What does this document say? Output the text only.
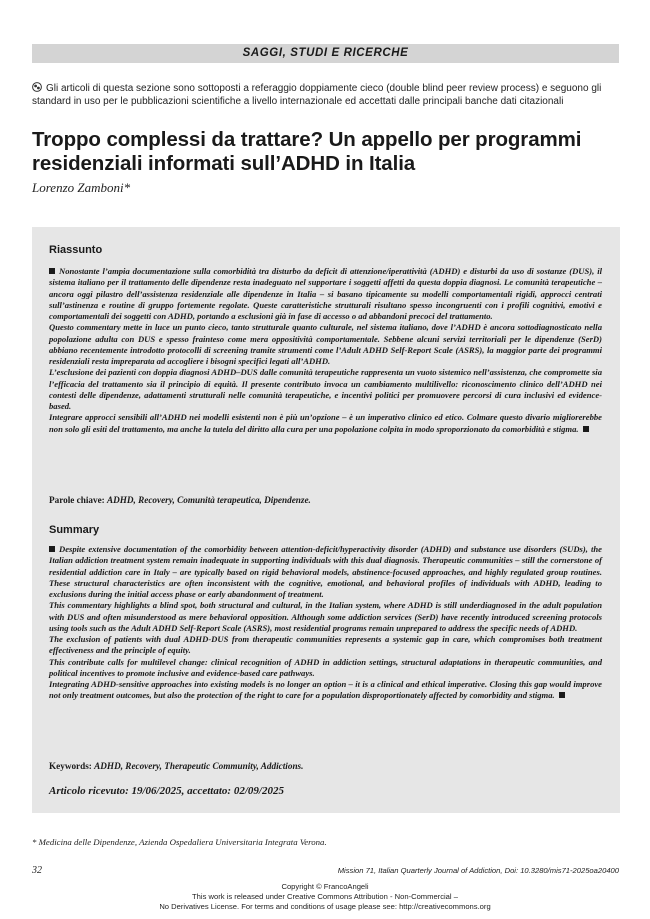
SAGGI, STUDI E RICERCHE
Gli articoli di questa sezione sono sottoposti a referaggio doppiamente cieco (double blind peer review process) e seguono gli standard in uso per le pubblicazioni scientifiche a livello internazionale ed accettati dalle principali banche dati citazionali
Troppo complessi da trattare? Un appello per programmi residenziali informati sull’ADHD in Italia
Lorenzo Zamboni*
Riassunto

Nonostante l’ampia documentazione sulla comorbidità tra disturbo da deficit di attenzione/iperattività (ADHD) e disturbi da uso di sostanze (DUS), il sistema italiano per il trattamento delle dipendenze resta inadeguato nel supportare i soggetti affetti da questa doppia diagnosi. Le comunità terapeutiche – ancora oggi pilastro dell’assistenza residenziale alle dipendenze in Italia – si basano tipicamente su modelli comportamentali rigidi, approcci centrati sull’astinenza e routine di gruppo fortemente regolate. Queste caratteristiche strutturali risultano spesso incongruenti con i profili cognitivi, emotivi e comportamentali dei soggetti con ADHD, portando a esclusioni già in fase di accesso o ad abbandoni precoci del trattamento.

Questo commentary mette in luce un punto cieco, tanto strutturale quanto culturale, nel sistema italiano, dove l’ADHD è ancora sottodiagnosticato nella popolazione adulta con DUS e spesso frainteso come mera oppositività comportamentale. Sebbene alcuni servizi territoriali per le dipendenze (SerD) abbiano recentemente introdotto protocolli di screening tramite strumenti come l’Adult ADHD Self-Report Scale (ASRS), la maggior parte dei programmi residenziali resta impreparata ad accogliere i bisogni specifici legati all’ADHD.

L’esclusione dei pazienti con doppia diagnosi ADHD–DUS dalle comunità terapeutiche rappresenta un vuoto sistemico nell’assistenza, che compromette sia l’efficacia del trattamento sia il principio di equità. Il presente contributo invoca un cambiamento multilivello: riconoscimento clinico dell’ADHD nei contesti delle dipendenze, adattamenti strutturali nelle comunità terapeutiche, e incentivi politici per promuovere percorsi di cura inclusivi ed evidence-based.

Integrare approcci sensibili all’ADHD nei modelli esistenti non è più un’opzione – è un imperativo clinico ed etico. Colmare questo divario migliorerebbe non solo gli esiti del trattamento, ma anche la tutela del diritto alla cura per una popolazione colpita in modo sproporzionato da comorbidità e stigma.

Parole chiave: ADHD, Recovery, Comunità terapeutica, Dipendenze.
Summary

Despite extensive documentation of the comorbidity between attention-deficit/hyperactivity disorder (ADHD) and substance use disorders (SUDs), the Italian addiction treatment system remain inadequate in supporting individuals with this dual diagnosis. Therapeutic communities – still the cornerstone of residential addiction care in Italy – are typically based on rigid behavioral models, abstinence-focused approaches, and highly regulated group routines. These structural characteristics are often inconsistent with the cognitive, emotional, and behavioral profiles of individuals with ADHD, leading to exclusions during the initial access phase or early abandonment of treatment.

This commentary highlights a blind spot, both structural and cultural, in the Italian system, where ADHD is still underdiagnosed in the adult population with DUS and often misunderstood as mere behavioral opposition. Although some addiction services (SerD) have recently introduced screening protocols using tools such as the Adult ADHD Self-Report Scale (ASRS), most residential programs remain unprepared to address the specific needs of ADHD.

The exclusion of patients with dual ADHD-DUS from therapeutic communities represents a systemic gap in care, which compromises both treatment effectiveness and the principle of equity.

This contribute calls for multilevel change: clinical recognition of ADHD in addiction settings, structural adaptations in therapeutic communities, and political incentives to promote inclusive and evidence-based care pathways.

Integrating ADHD-sensitive approaches into existing models is no longer an option – it is a clinical and ethical imperative. Closing this gap would improve not only treatment outcomes, but also the protection of the right to care for a population disproportionately affected by comorbidity and stigma.

Keywords: ADHD, Recovery, Therapeutic Community, Addictions.
Articolo ricevuto: 19/06/2025, accettato: 02/09/2025
* Medicina delle Dipendenze, Azienda Ospedaliera Universitaria Integrata Verona.
32	Mission 71, Italian Quarterly Journal of Addiction, Doi: 10.3280/mis71-2025oa20400
Copyright © FrancoAngeli
This work is released under Creative Commons Attribution - Non-Commercial –
No Derivatives License. For terms and conditions of usage please see: http://creativecommons.org
